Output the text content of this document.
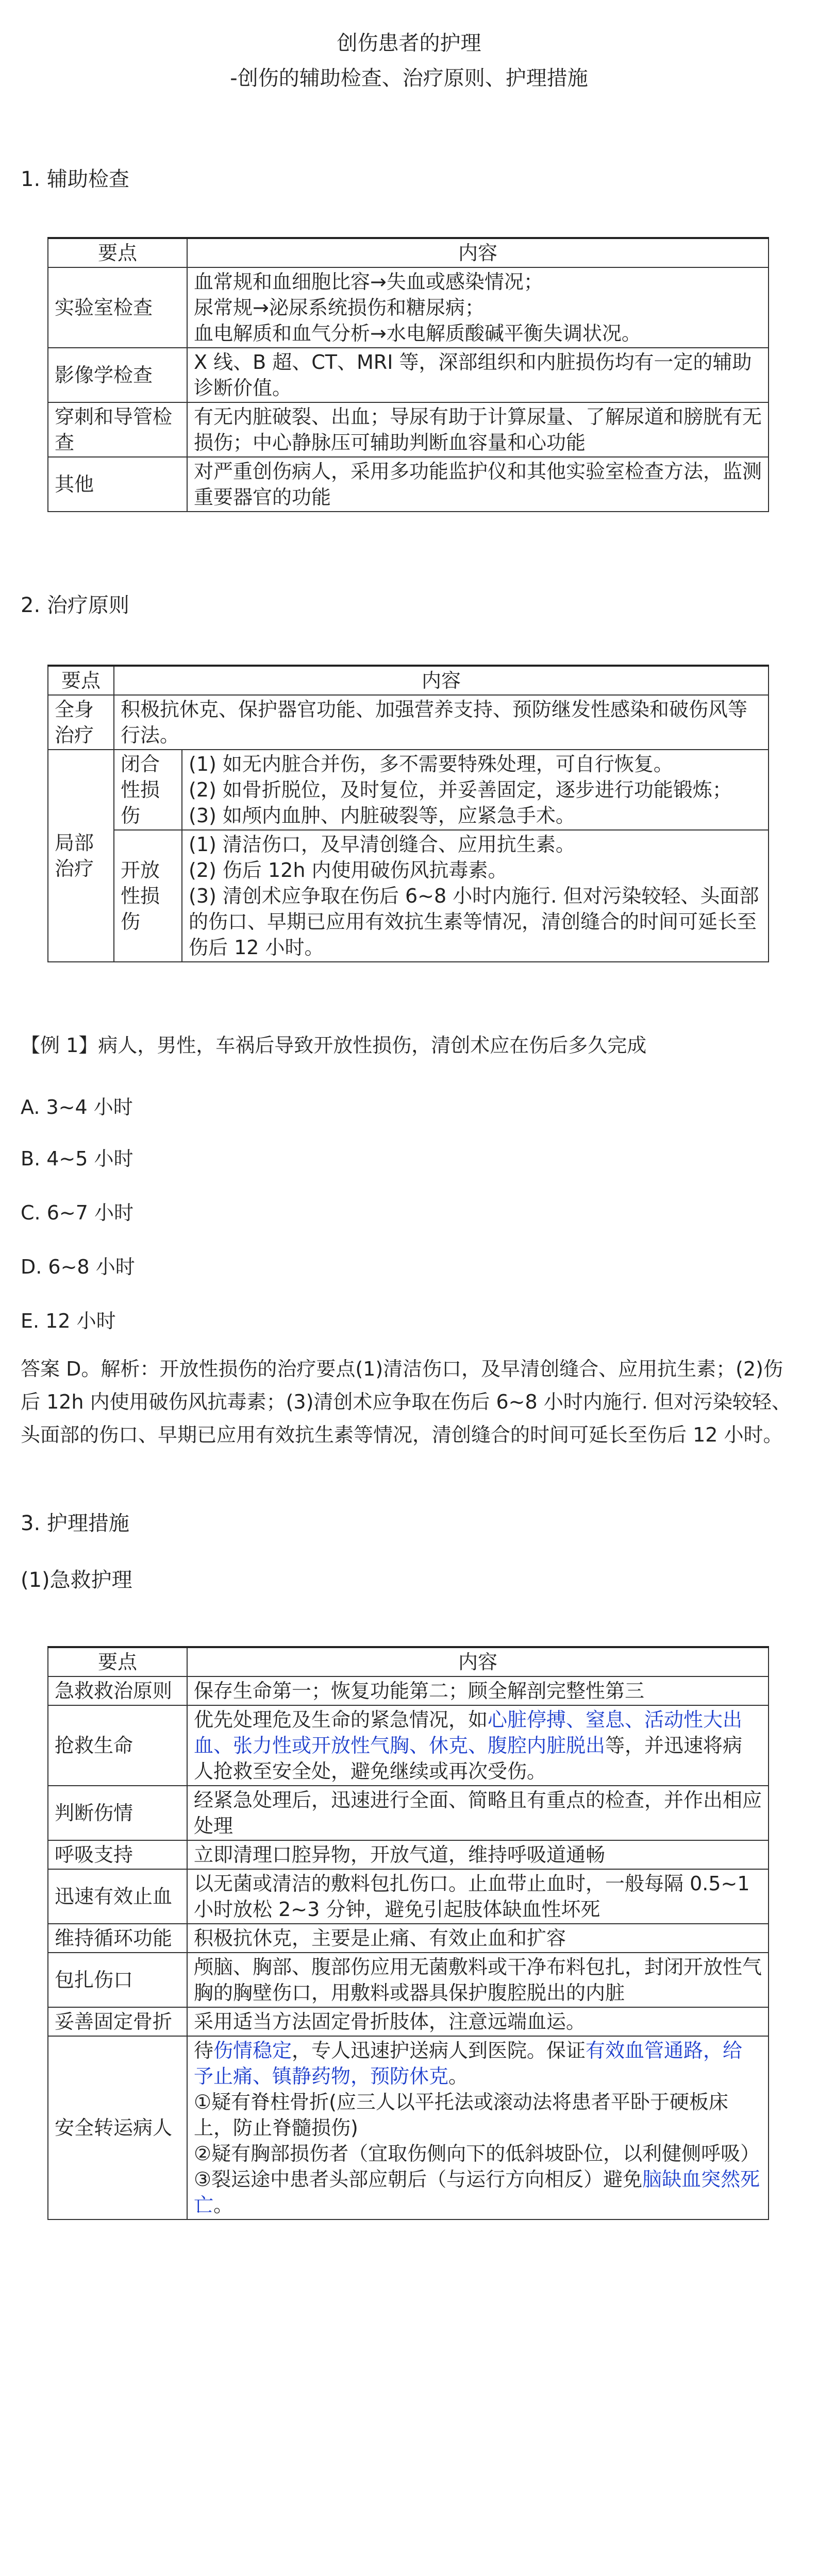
创伤患者的护理
-创伤的辅助检查、治疗原则、护理措施
1. 辅助检查
要点	内容
实验室检查	血常规和血细胞比容→失血或感染情况；
尿常规→泌尿系统损伤和糖尿病；
血电解质和血气分析→水电解质酸碱平衡失调状况。

影像学检查	X 线、B 超、CT、MRI 等，深部组织和内脏损伤均有一定的辅助诊断价值。
穿刺和导管检查	有无内脏破裂、出血；导尿有助于计算尿量、了解尿道和膀胱有无损伤；中心静脉压可辅助判断血容量和心功能
其他	对严重创伤病人，采用多功能监护仪和其他实验室检查方法，监测重要器官的功能
2. 治疗原则
要点	内容	
全身治疗	积极抗休克、保护器官功能、加强营养支持、预防继发性感染和破伤风等行法。	
局部治疗	闭合性损伤	(1) 如无内脏合并伤，多不需要特殊处理，可自行恢复。
(2) 如骨折脱位，及时复位，并妥善固定，逐步进行功能锻炼；
(3) 如颅内血肿、内脏破裂等，应紧急手术。

	开放性损伤	(1) 清洁伤口，及早清创缝合、应用抗生素。
(2) 伤后 12h 内使用破伤风抗毒素。
(3) 清创术应争取在伤后 6~8 小时内施行. 但对污染较轻、头面部的伤口、早期已应用有效抗生素等情况，清创缝合的时间可延长至伤后 12 小时。
【例 1】病人，男性，车祸后导致开放性损伤，清创术应在伤后多久完成
A. 3~4 小时
B. 4~5 小时
C. 6~7 小时
D. 6~8 小时
E. 12 小时
答案 D。解析：开放性损伤的治疗要点(1)清洁伤口，及早清创缝合、应用抗生素；(2)伤后 12h 内使用破伤风抗毒素；(3)清创术应争取在伤后 6~8 小时内施行. 但对污染较轻、头面部的伤口、早期已应用有效抗生素等情况，清创缝合的时间可延长至伤后 12 小时。
3. 护理措施
(1)急救护理
要点	内容
急救救治原则	保存生命第一；恢复功能第二；顾全解剖完整性第三
抢救生命	优先处理危及生命的紧急情况，如心脏停搏、窒息、活动性大出血、张力性或开放性气胸、休克、腹腔内脏脱出等，并迅速将病人抢救至安全处，避免继续或再次受伤。
判断伤情	经紧急处理后，迅速进行全面、简略且有重点的检查，并作出相应处理
呼吸支持	立即清理口腔异物，开放气道，维持呼吸道通畅
迅速有效止血	以无菌或清洁的敷料包扎伤口。止血带止血时，一般每隔 0.5~1 小时放松 2~3 分钟，避免引起肢体缺血性坏死
维持循环功能	积极抗休克，主要是止痛、有效止血和扩容
包扎伤口	颅脑、胸部、腹部伤应用无菌敷料或干净布料包扎，封闭开放性气胸的胸壁伤口，用敷料或器具保护腹腔脱出的内脏
妥善固定骨折	采用适当方法固定骨折肢体，注意远端血运。
安全转运病人	待伤情稳定，专人迅速护送病人到医院。保证有效血管通路，给予止痛、镇静药物，预防休克。
①疑有脊柱骨折(应三人以平托法或滚动法将患者平卧于硬板床上，防止脊髓损伤)
②疑有胸部损伤者（宜取伤侧向下的低斜坡卧位，以利健侧呼吸）
③裂运途中患者头部应朝后（与运行方向相反）避免脑缺血突然死亡。
